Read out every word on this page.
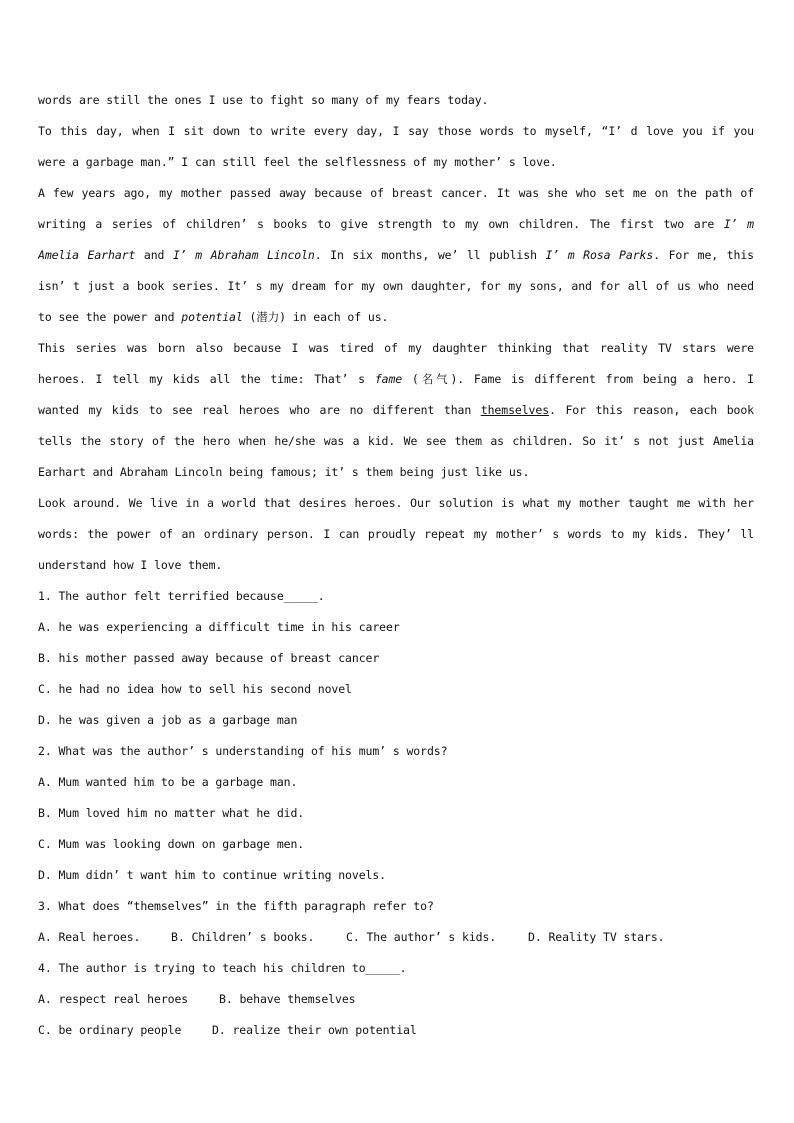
words are still the ones I use to fight so many of my fears today.
To this day, when I sit down to write every day, I say those words to myself, “I’ d love you if you
were a garbage man.” I can still feel the selflessness of my mother’ s love.
A few years ago, my mother passed away because of breast cancer. It was she who set me on the path of
writing a series of children’ s books to give strength to my own children. The first two are I’ m
Amelia Earhart and I’ m Abraham Lincoln. In six months, we’ ll publish I’ m Rosa Parks. For me, this
isn’ t just a book series. It’ s my dream for my own daughter, for my sons, and for all of us who need
to see the power and potential (潜力) in each of us.
This series was born also because I was tired of my daughter thinking that reality TV stars were
heroes. I tell my kids all the time: That’ s fame (名气). Fame is different from being a hero. I
wanted my kids to see real heroes who are no different than themselves. For this reason, each book
tells the story of the hero when he/she was a kid. We see them as children. So it’ s not just Amelia
Earhart and Abraham Lincoln being famous; it’ s them being just like us.
Look around. We live in a world that desires heroes. Our solution is what my mother taught me with her
words: the power of an ordinary person. I can proudly repeat my mother’ s words to my kids. They’ ll
understand how I love them.
1. The author felt terrified because_____.
A. he was experiencing a difficult time in his career
B. his mother passed away because of breast cancer
C. he had no idea how to sell his second novel
D. he was given a job as a garbage man
2. What was the author’ s understanding of his mum’ s words?
A. Mum wanted him to be a garbage man.
B. Mum loved him no matter what he did.
C. Mum was looking down on garbage men.
D. Mum didn’ t want him to continue writing novels.
3. What does “themselves” in the fifth paragraph refer to?
A. Real heroes.	B. Children’ s books.	C. The author’ s kids.	D. Reality TV stars.
4. The author is trying to teach his children to_____.
A. respect real heroes	B. behave themselves
C. be ordinary people	D. realize their own potential
